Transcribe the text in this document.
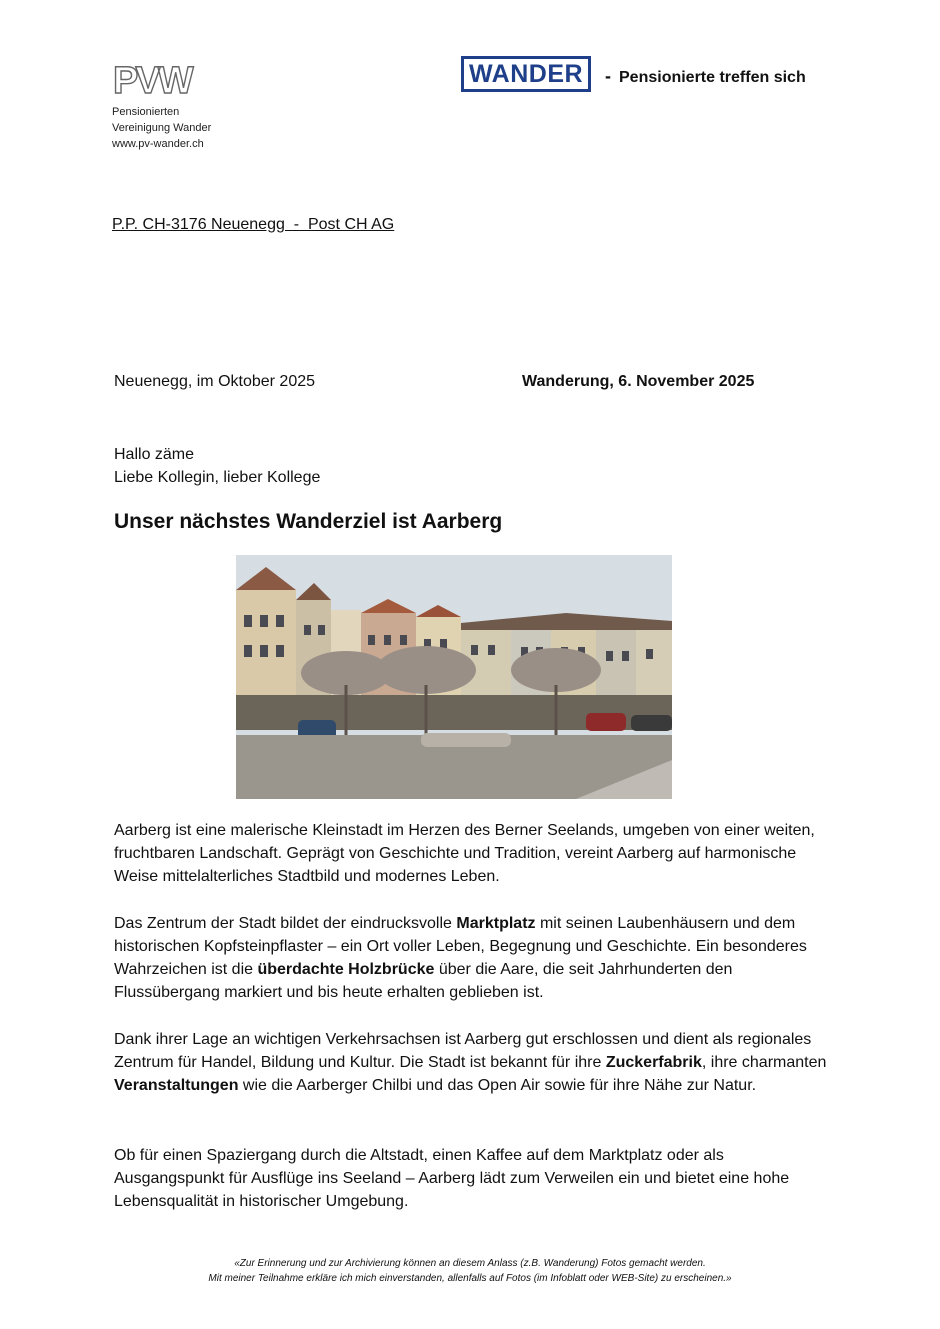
PVW
Pensionierten
Vereinigung Wander
www.pv-wander.ch
WANDER - Pensionierte treffen sich
P.P. CH-3176 Neuenegg  -  Post CH AG
Neuenegg, im Oktober 2025	Wanderung, 6. November 2025
Hallo zäme
Liebe Kollegin, lieber Kollege
Unser nächstes Wanderziel ist Aarberg

Aarberg ist eine malerische Kleinstadt im Herzen des Berner Seelands, umgeben von einer weiten, fruchtbaren Landschaft. Geprägt von Geschichte und Tradition, vereint Aarberg auf harmonische Weise mittelalterliches Stadtbild und modernes Leben.

Das Zentrum der Stadt bildet der eindrucksvolle Marktplatz mit seinen Laubenhäusern und dem historischen Kopfsteinpflaster – ein Ort voller Leben, Begegnung und Geschichte. Ein besonderes Wahrzeichen ist die überdachte Holzbrücke über die Aare, die seit Jahrhunderten den Flussübergang markiert und bis heute erhalten geblieben ist.

Dank ihrer Lage an wichtigen Verkehrsachsen ist Aarberg gut erschlossen und dient als regionales Zentrum für Handel, Bildung und Kultur. Die Stadt ist bekannt für ihre Zuckerfabrik, ihre charmanten Veranstaltungen wie die Aarberger Chilbi und das Open Air sowie für ihre Nähe zur Natur.

Ob für einen Spaziergang durch die Altstadt, einen Kaffee auf dem Marktplatz oder als Ausgangspunkt für Ausflüge ins Seeland – Aarberg lädt zum Verweilen ein und bietet eine hohe Lebensqualität in historischer Umgebung.

«Zur Erinnerung und zur Archivierung können an diesem Anlass (z.B. Wanderung) Fotos gemacht werden.
Mit meiner Teilnahme erkläre ich mich einverstanden, allenfalls auf Fotos (im Infoblatt oder WEB-Site) zu erscheinen.»
